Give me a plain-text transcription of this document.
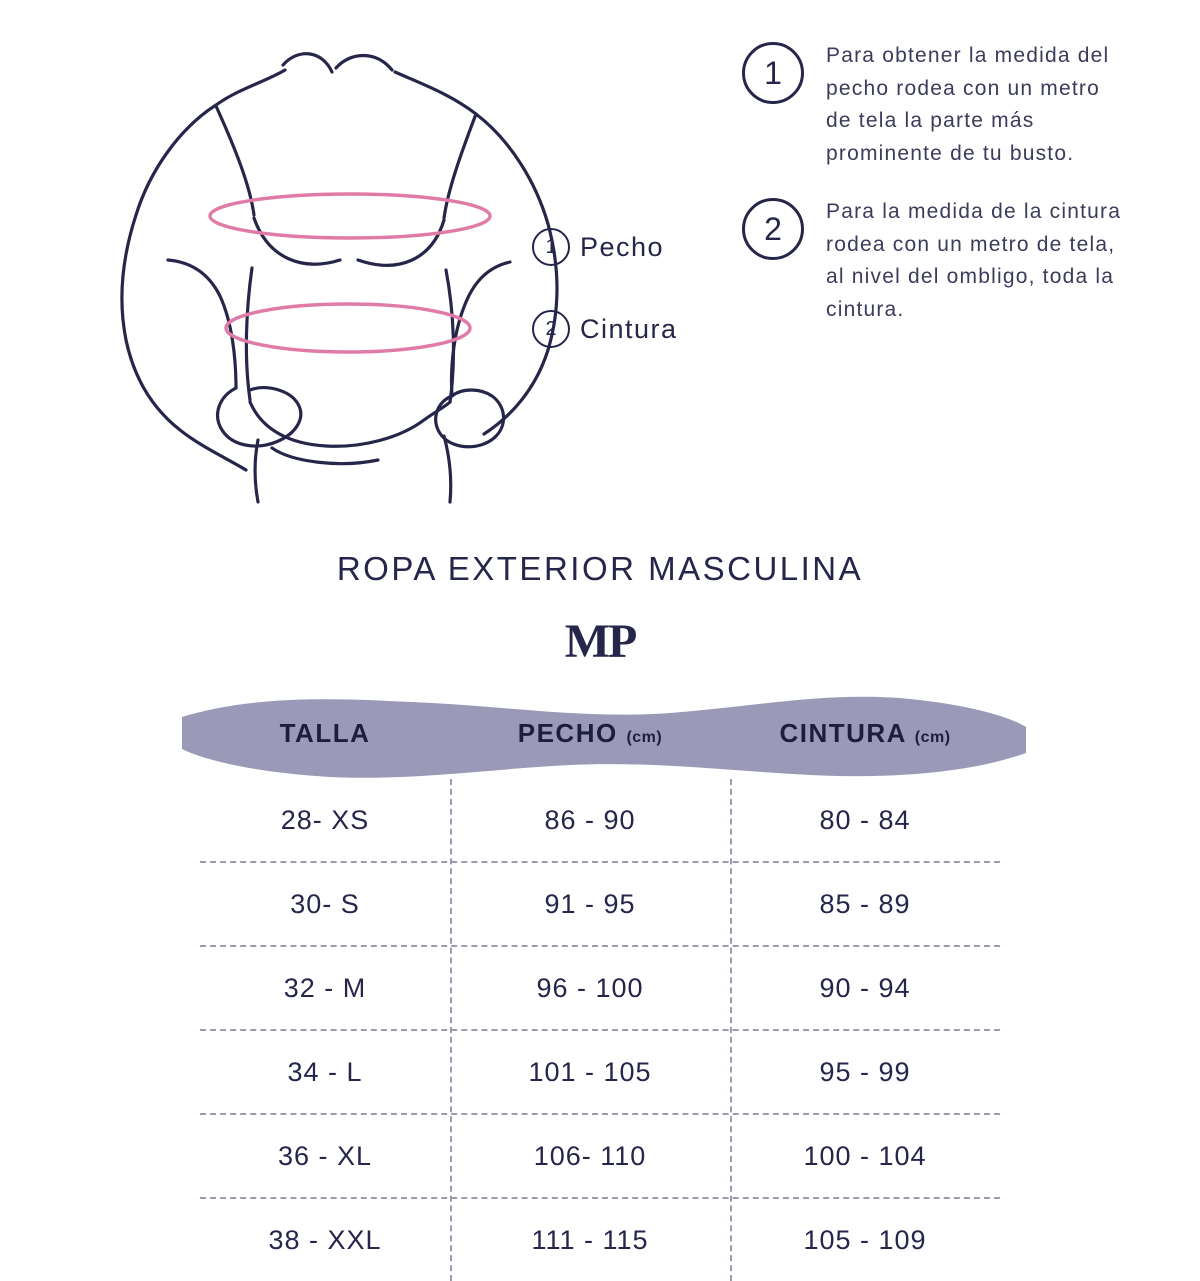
1 Pecho
2 Cintura
1	Para obtener la medida del pecho rodea con un metro de tela la parte más prominente de tu busto.
2	Para la medida de la cintura rodea con un metro de tela, al nivel del ombligo, toda la cintura.
ROPA EXTERIOR MASCULINA
MP
TALLA	PECHO (cm)	CINTURA (cm)
28- XS	86 - 90	80 - 84
30- S	91 - 95	85 - 89
32 - M	96 - 100	90 - 94
34 - L	101 - 105	95 - 99
36 - XL	106- 110	100 - 104
38 - XXL	111 - 115	105 - 109
